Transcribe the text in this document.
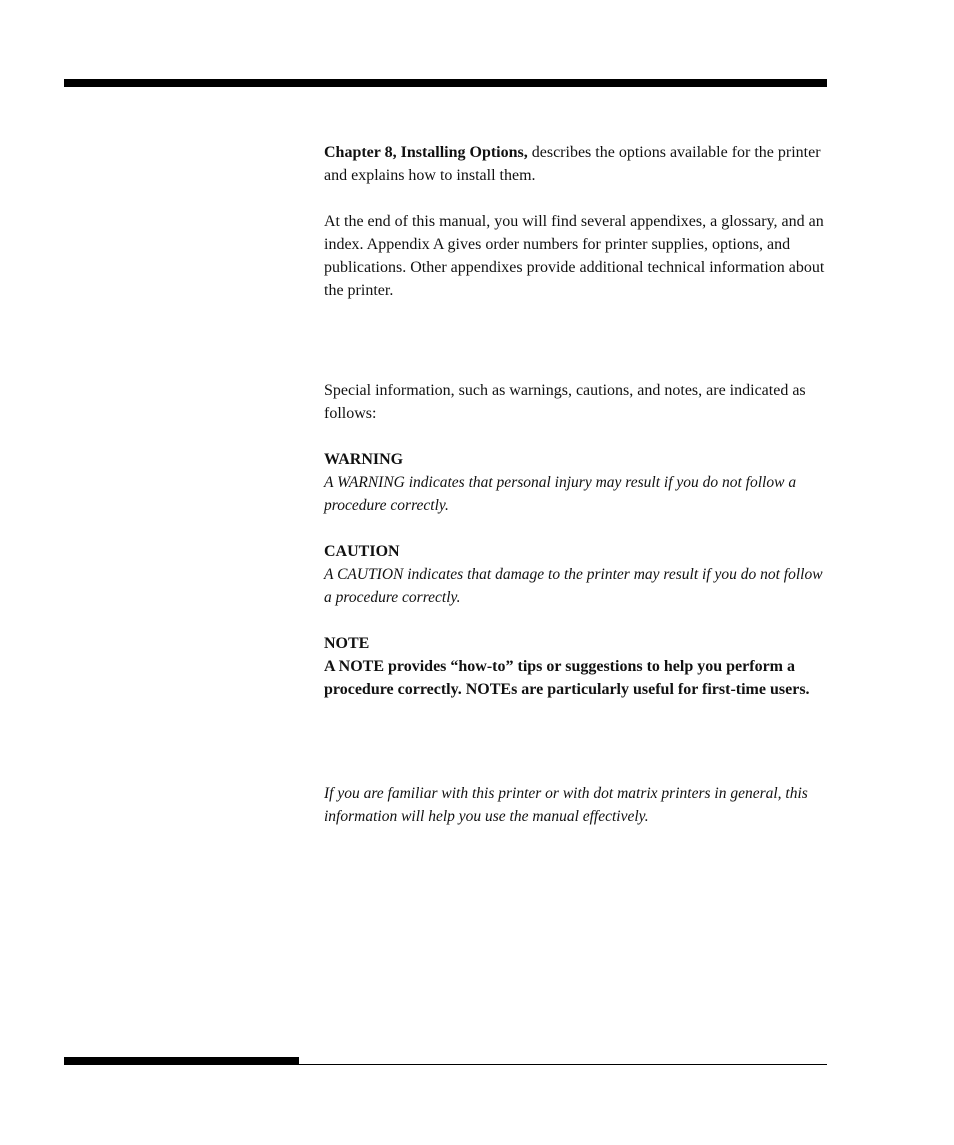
Chapter 8, Installing Options, describes the options available for the printer and explains how to install them.

At the end of this manual, you will find several appendixes, a glossary, and an index. Appendix A gives order numbers for printer supplies, options, and publications. Other appendixes provide additional technical information about the printer.

Special information, such as warnings, cautions, and notes, are indicated as follows:

WARNING

A WARNING indicates that personal injury may result if you do not follow a procedure correctly.

CAUTION

A CAUTION indicates that damage to the printer may result if you do not follow a procedure correctly.

NOTE

A NOTE provides “how-to” tips or suggestions to help you perform a procedure correctly. NOTEs are particularly useful for first-time users.

If you are familiar with this printer or with dot matrix printers in general, this information will help you use the manual effectively.
